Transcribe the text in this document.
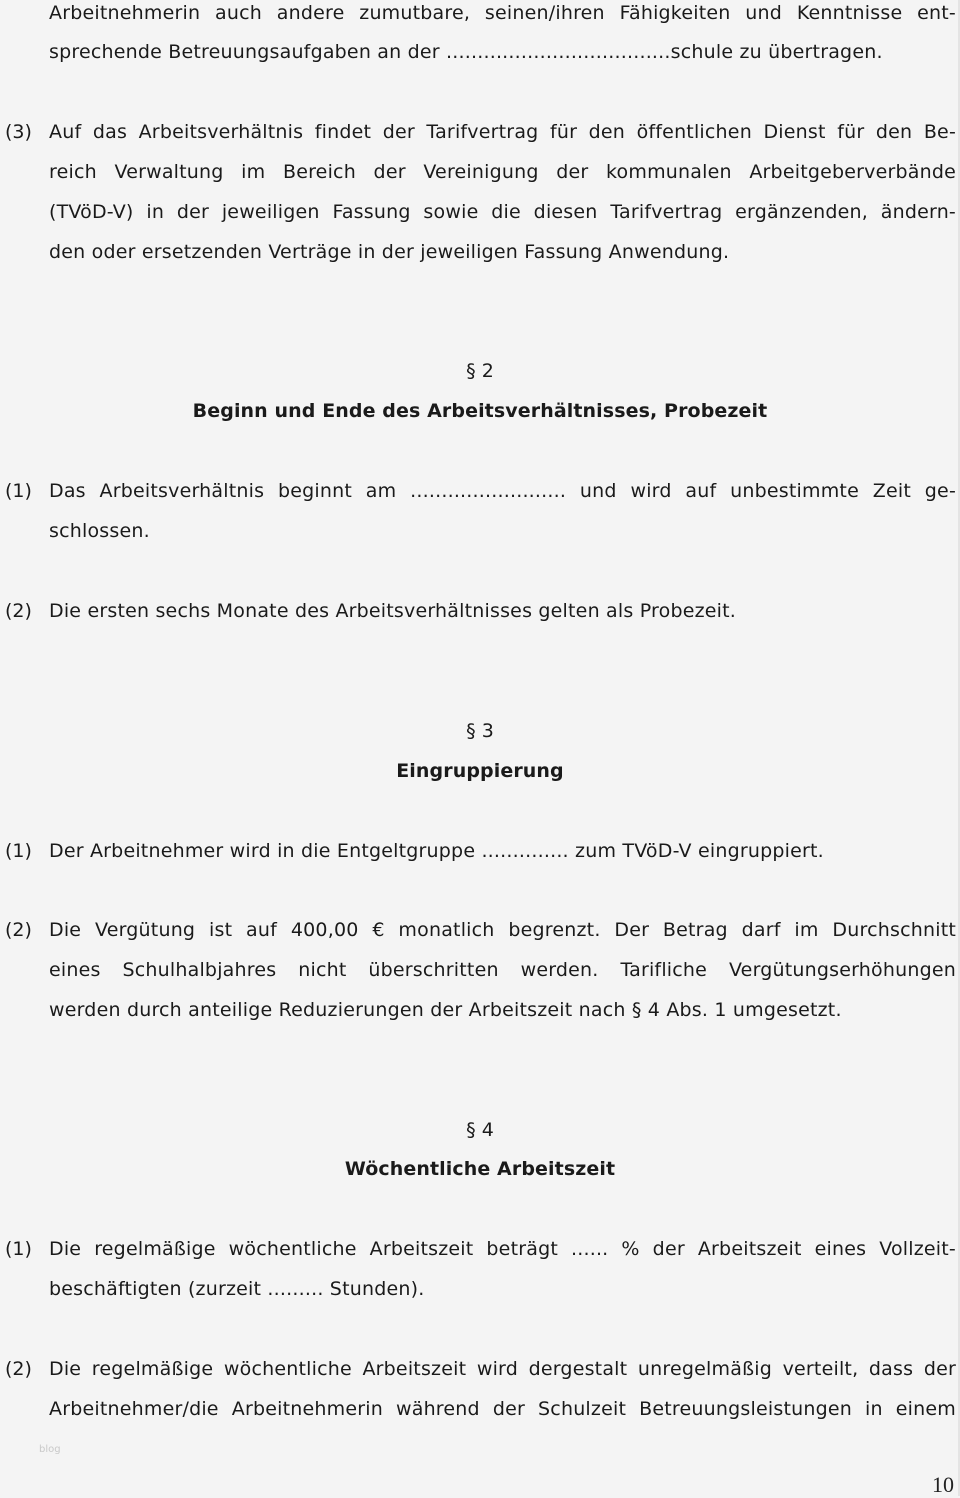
Arbeitnehmerin auch andere zumutbare, seinen/ihren Fähigkeiten und Kenntnisse ent-
sprechende Betreuungsaufgaben an der ....................................schule zu übertragen.
(3) Auf das Arbeitsverhältnis findet der Tarifvertrag für den öffentlichen Dienst für den Be-
reich Verwaltung im Bereich der Vereinigung der kommunalen Arbeitgeberverbände
(TVöD-V) in der jeweiligen Fassung sowie die diesen Tarifvertrag ergänzenden, ändern-
den oder ersetzenden Verträge in der jeweiligen Fassung Anwendung.
§ 2
Beginn und Ende des Arbeitsverhältnisses, Probezeit
(1) Das Arbeitsverhältnis beginnt am ......................... und wird auf unbestimmte Zeit ge-
schlossen.
(2) Die ersten sechs Monate des Arbeitsverhältnisses gelten als Probezeit.
§ 3
Eingruppierung
(1) Der Arbeitnehmer wird in die Entgeltgruppe .............. zum TVöD-V eingruppiert.
(2) Die Vergütung ist auf 400,00 € monatlich begrenzt. Der Betrag darf im Durchschnitt
eines Schulhalbjahres nicht überschritten werden. Tarifliche Vergütungserhöhungen
werden durch anteilige Reduzierungen der Arbeitszeit nach § 4 Abs. 1 umgesetzt.
§ 4
Wöchentliche Arbeitszeit
(1) Die regelmäßige wöchentliche Arbeitszeit beträgt ...... % der Arbeitszeit eines Vollzeit-
beschäftigten (zurzeit ......... Stunden).
(2) Die regelmäßige wöchentliche Arbeitszeit wird dergestalt unregelmäßig verteilt, dass der
Arbeitnehmer/die Arbeitnehmerin während der Schulzeit Betreuungsleistungen in einem
blog
10
